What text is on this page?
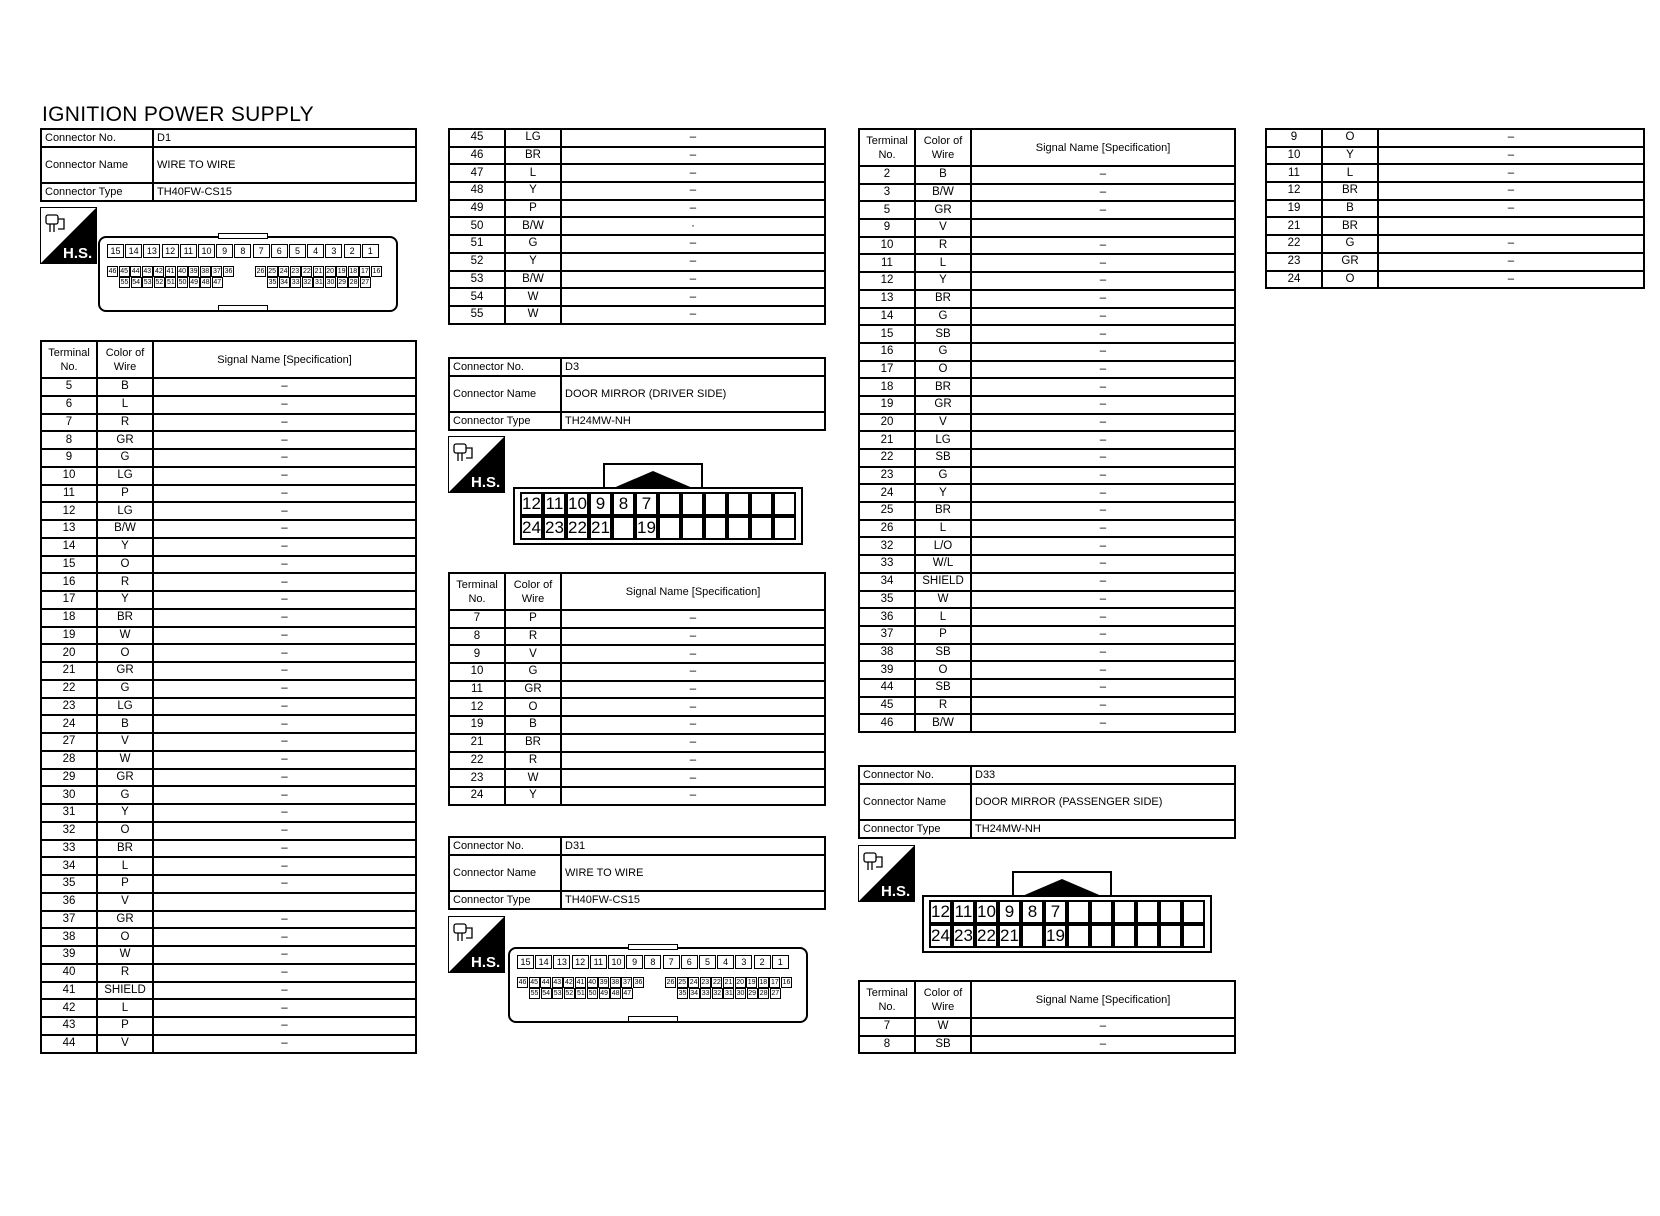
IGNITION POWER SUPPLY
Connector No.	D1
Connector Name	WIRE TO WIRE
Connector Type	TH40FW-CS15
H.S.	15 14 13 12 11 10	9	8	7	6	5	4	3	2	1
46 45 44 43 42 41 40 39 38 37 36	26 25 24 23 22 21 20 19 18 17 16
55 54 53 52 51 50 49 48 47	35 34 33 32 31 30 29 28 27
Terminal No.	Color of Wire	Signal Name [Specification]
5	B	–
6	L	–
7	R	–
8	GR	–
9	G	–
10	LG	–
11	P	–
12	LG	–
13	B/W	–
14	Y	–
15	O	–
16	R	–
17	Y	–
18	BR	–
19	W	–
20	O	–
21	GR	–
22	G	–
23	LG	–
24	B	–
27	V	–
28	W	–
29	GR	–
30	G	–
31	Y	–
32	O	–
33	BR	–
34	L	–
35	P	–
36	V	
37	GR	–
38	O	–
39	W	–
40	R	–
41	SHIELD	–
42	L	–
43	P	–
44	V	–
45	LG	–
46	BR	–
47	L	–
48	Y	–
49	P	–
50	B/W	·
51	G	–
52	Y	–
53	B/W	–
54	W	–
55	W	–
Connector No.	D3
Connector Name	DOOR MIRROR (DRIVER SIDE)
Connector Type	TH24MW-NH
H.S.
12 11 10 9 8 7
24 23 22 21 19
Terminal No.	Color of Wire	Signal Name [Specification]
7	P	–
8	R	–
9	V	–
10	G	–
11	GR	–
12	O	–
19	B	–
21	BR	–
22	R	–
23	W	–
24	Y	–
Connector No.	D31
Connector Name	WIRE TO WIRE
Connector Type	TH40FW-CS15
H.S.	15 14 13 12 11 10	9	8	7	6	5	4	3	2	1
46 45 44 43 42 41 40 39 38 37 36	26 25 24 23 22 21 20 19 18 17 16
55 54 53 52 51 50 49 48 47	35 34 33 32 31 30 29 28 27
Terminal No.	Color of Wire	Signal Name [Specification]
2	B	–
3	B/W	–
5	GR	–
9	V	
10	R	–
11	L	–
12	Y	–
13	BR	–
14	G	–
15	SB	–
16	G	–
17	O	–
18	BR	–
19	GR	–
20	V	–
21	LG	–
22	SB	–
23	G	–
24	Y	–
25	BR	–
26	L	–
32	L/O	–
33	W/L	–
34	SHIELD	–
35	W	–
36	L	–
37	P	–
38	SB	–
39	O	–
44	SB	–
45	R	–
46	B/W	–
Connector No.	D33
Connector Name	DOOR MIRROR (PASSENGER SIDE)
Connector Type	TH24MW-NH
H.S.
12 11 10 9 8 7
24 23 22 21 19
Terminal No.	Color of Wire	Signal Name [Specification]
7	W	–
8	SB	–
9	O	–
10	Y	–
11	L	–
12	BR	–
19	B	–
21	BR	
22	G	–
23	GR	–
24	O	–
